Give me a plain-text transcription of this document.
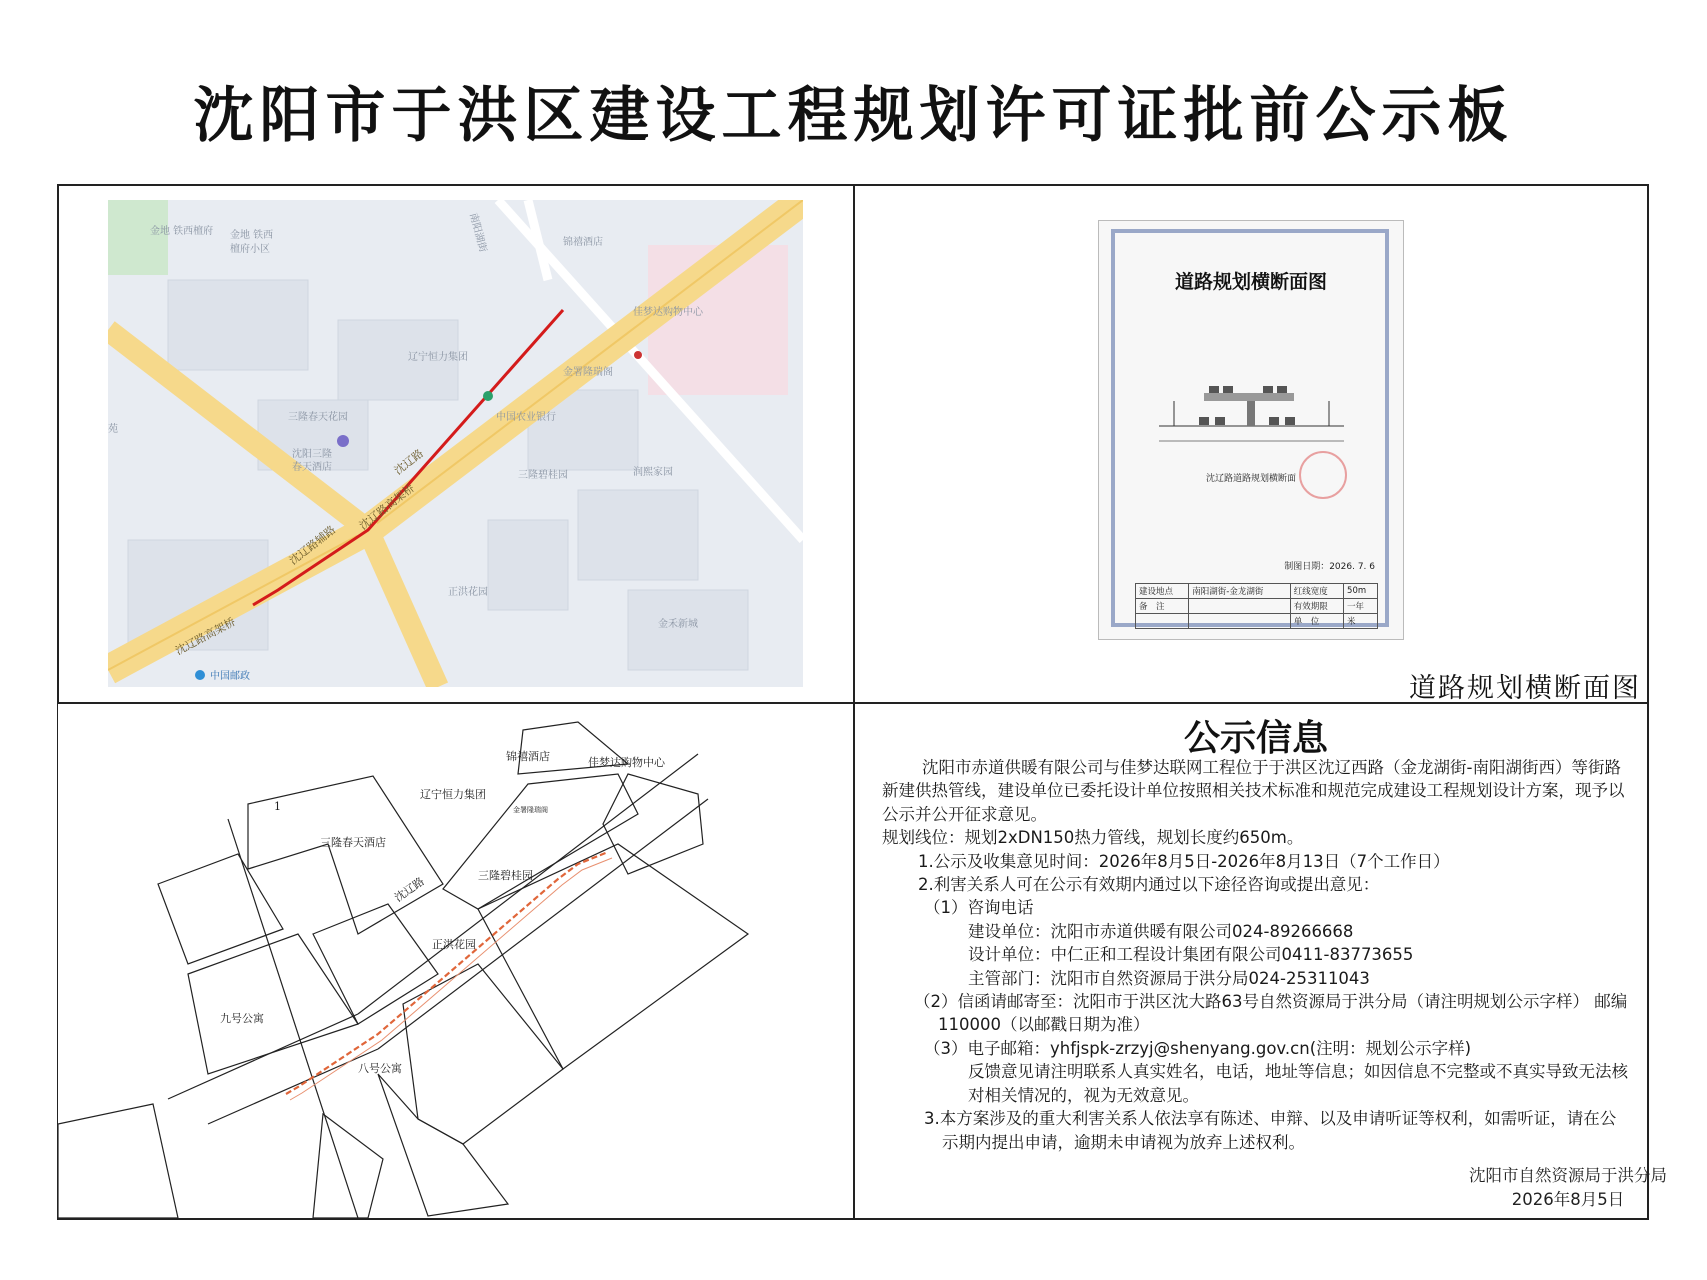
沈阳市于洪区建设工程规划许可证批前公示板
金地 铁西檀府 金地 铁西
檀府小区
锦禧酒店
佳梦达购物中心
辽宁恒力集团
金署隆瑞阁
三隆春天花园	中国农业银行
沈阳三隆
春天酒店
三隆碧桂园	润熙家园
正洪花园
金禾新城
苑
中国邮政
沈辽路
沈辽路高架桥
沈辽路辅路
沈辽路高架桥
南阳湖街
道路规划横断面图
沈辽路道路规划横断面
制图日期：2026. 7. 6
建设地点	南阳湖街-金龙湖街	红线宽度	50m
备　注		有效期限	一年
		单　位	米

道路规划横断面图

锦禧酒店	佳梦达购物中心
辽宁恒力集团
1	金署隆瑞阁
三隆春天酒店
沈辽路	三隆碧桂园
九号公寓
正洪花园
八号公寓
公示信息

沈阳市赤道供暖有限公司与佳梦达联网工程位于于洪区沈辽西路（金龙湖街-南阳湖街西）等街路新建供热管线，建设单位已委托设计单位按照相关技术标准和规范完成建设工程规划设计方案，现予以公示并公开征求意见。

规划线位：规划2xDN150热力管线，规划长度约650m。

1.公示及收集意见时间：2026年8月5日-2026年8月13日（7个工作日）

2.利害关系人可在公示有效期内通过以下途径咨询或提出意见：

（1）咨询电话

建设单位：沈阳市赤道供暖有限公司024-89266668

设计单位：中仁正和工程设计集团有限公司0411-83773655

主管部门：沈阳市自然资源局于洪分局024-25311043

（2）信函请邮寄至：沈阳市于洪区沈大路63号自然资源局于洪分局（请注明规划公示字样） 邮编110000（以邮戳日期为准）

（3）电子邮箱：yhfjspk-zrzyj@shenyang.gov.cn(注明：规划公示字样)

反馈意见请注明联系人真实姓名，电话，地址等信息；如因信息不完整或不真实导致无法核对相关情况的，视为无效意见。

3.本方案涉及的重大利害关系人依法享有陈述、申辩、以及申请听证等权利，如需听证，请在公示期内提出申请，逾期未申请视为放弃上述权利。

沈阳市自然资源局于洪分局
2026年8月5日
